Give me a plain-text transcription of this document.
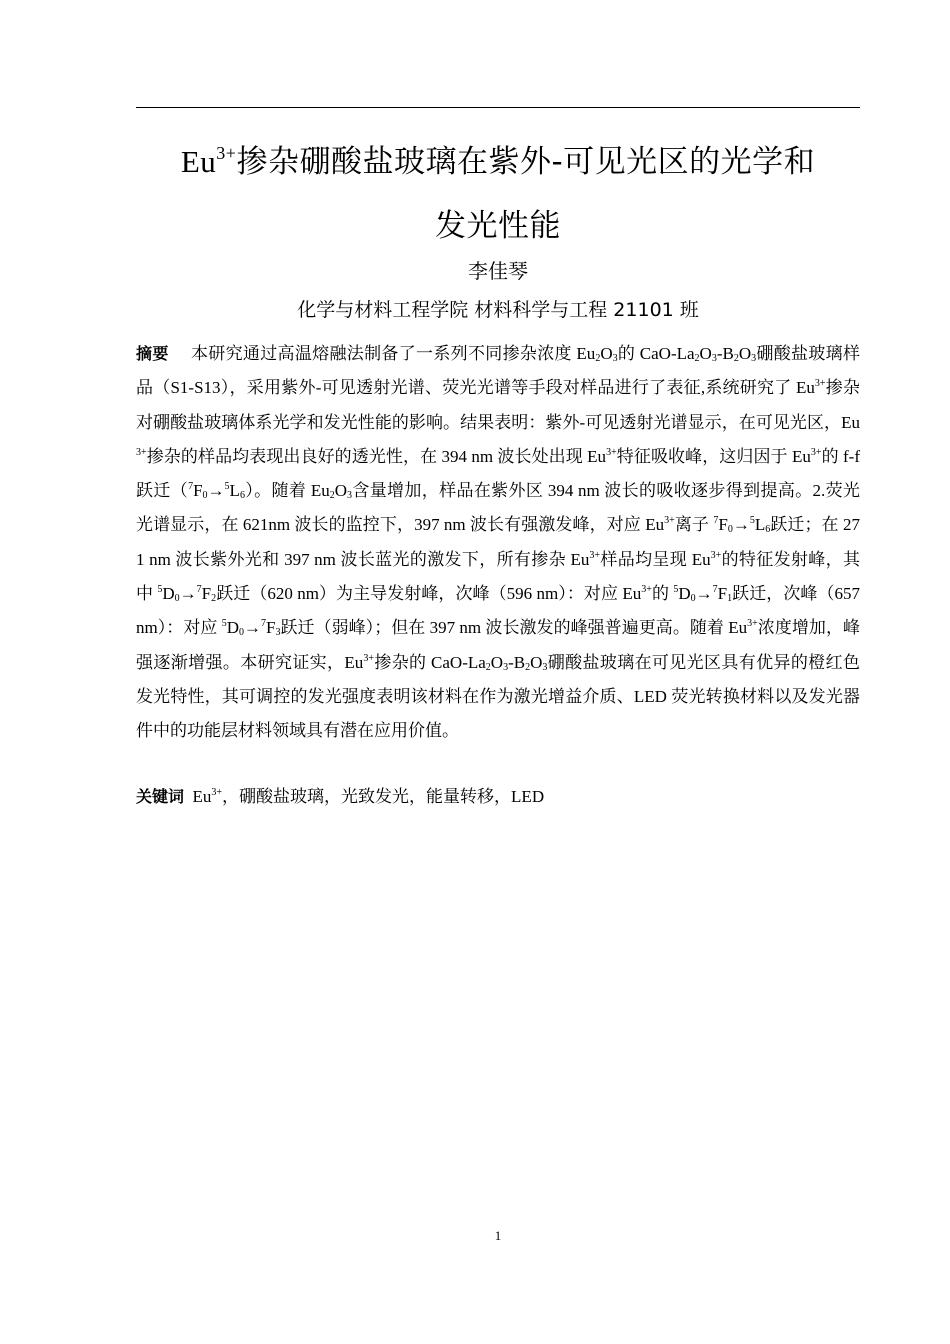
$Eu^{3+}$掺杂硼酸盐玻璃在紫外-可见光区的光学和
发光性能
李佳琴
化学与材料工程学院 材料科学与工程 21101 班
摘要 本研究通过高温熔融法制备了一系列不同掺杂浓度 $Eu_2O_3$的 CaO-$La_2O_3-B_2O_3$硼酸盐玻璃样品（S1-S13），采用紫外-可见透射光谱、荧光光谱等手段对样品进行了表征,系统研究了 $Eu^{3+}$掺杂对硼酸盐玻璃体系光学和发光性能的影响。结果表明：紫外-可见透射光谱显示，在可见光区，$Eu^{3+}$掺杂的样品均表现出良好的透光性，在 394 nm 波长处出现 $Eu^{3+}$特征吸收峰，这归因于 $Eu^{3+}$的 f-f 跃迁$(^7F_0\to^5L_6)$。随着 $Eu_2O_3$含量增加，样品在紫外区 394 nm 波长的吸收逐步得到提高。2.荧光光谱显示，在 621nm 波长的监控下，397 nm 波长有强激发峰，对应 $Eu^{3+}$离子 $^7F_0\to^5L_6$跃迁；在 271 nm 波长紫外光和 397 nm 波长蓝光的激发下，所有掺杂 $Eu^{3+}$样品均呈现 $Eu^{3+}$的特征发射峰，其中 $^5D_0\to^7F_2$跃迁（620 nm）为主导发射峰，次峰（596 nm）：对应 $Eu^{3+}$的 $^5D_0\to^7F_1$跃迁，次峰（657 nm）：对应 $^5D_0\to^7F_3$跃迁（弱峰）；但在 397 nm 波长激发的峰强普遍更高。随着 $Eu^{3+}$浓度增加，峰强逐渐增强。本研究证实，$Eu^{3+}$掺杂的 CaO-$La_2O_3-B_2O_3$硼酸盐玻璃在可见光区具有优异的橙红色发光特性，其可调控的发光强度表明该材料在作为激光增益介质、LED 荧光转换材料以及发光器件中的功能层材料领域具有潜在应用价值。
关键词 $Eu^{3+}$，硼酸盐玻璃，光致发光，能量转移，LED
1
